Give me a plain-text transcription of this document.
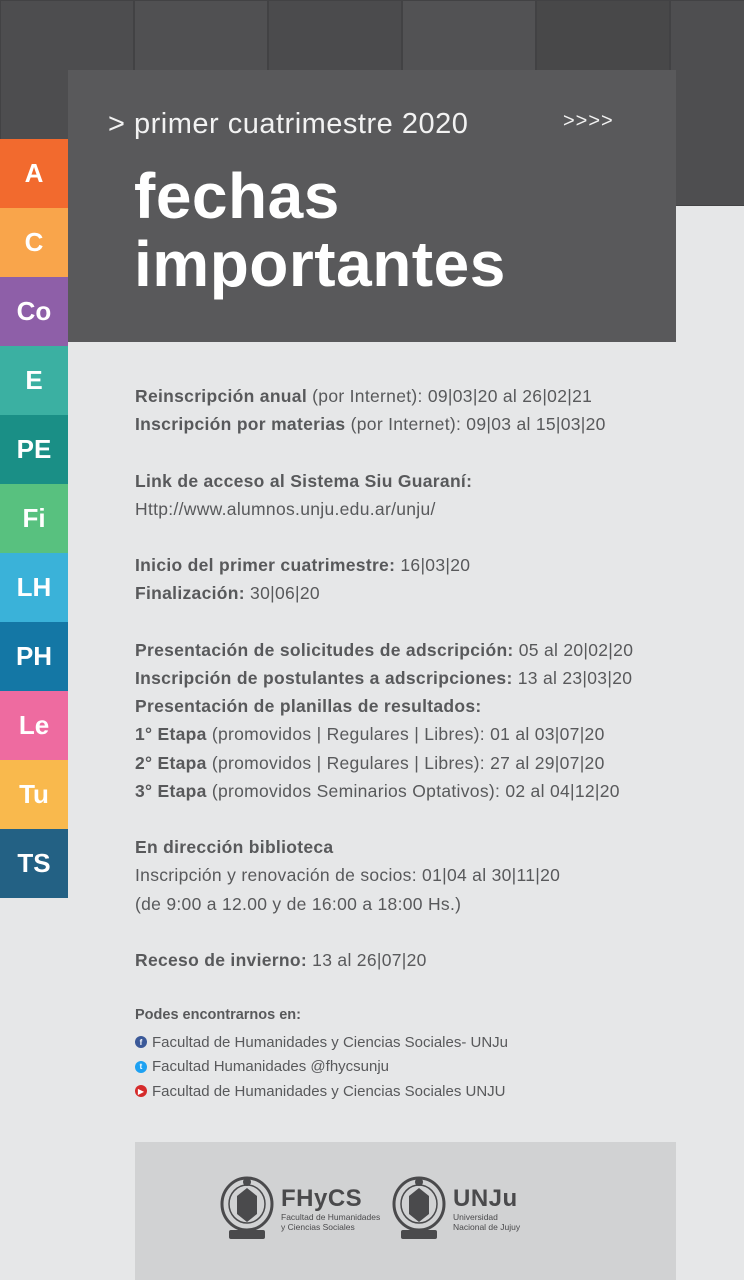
> primer cuatrimestre 2020	>>>>
fechas
importantes
A
C
Co
E
PE
Fi
LH
PH
Le
Tu
TS

Reinscripción anual (por Internet): 09|03|20 al 26|02|21

Inscripción por materias (por Internet): 09|03 al 15|03|20

Link de acceso al Sistema Siu Guaraní:

Http://www.alumnos.unju.edu.ar/unju/

Inicio del primer cuatrimestre: 16|03|20

Finalización: 30|06|20

Presentación de solicitudes de adscripción: 05 al 20|02|20

Inscripción de postulantes a adscripciones: 13 al 23|03|20

Presentación de planillas de resultados:

1° Etapa (promovidos | Regulares | Libres): 01 al 03|07|20

2° Etapa (promovidos | Regulares | Libres): 27 al 29|07|20

3° Etapa (promovidos Seminarios Optativos): 02 al 04|12|20

En dirección biblioteca

Inscripción y renovación de socios: 01|04 al 30|11|20

(de 9:00 a 12.00 y de 16:00 a 18:00 Hs.)

Receso de invierno: 13 al 26|07|20

Podes encontrarnos en:
f Facultad de Humanidades y Ciencias Sociales- UNJu
t Facultad Humanidades @fhycsunju
▶ Facultad de Humanidades y Ciencias Sociales UNJU
FHyCS
Facultad de Humanidades
y Ciencias Sociales
UNJu
Universidad
Nacional de Jujuy
